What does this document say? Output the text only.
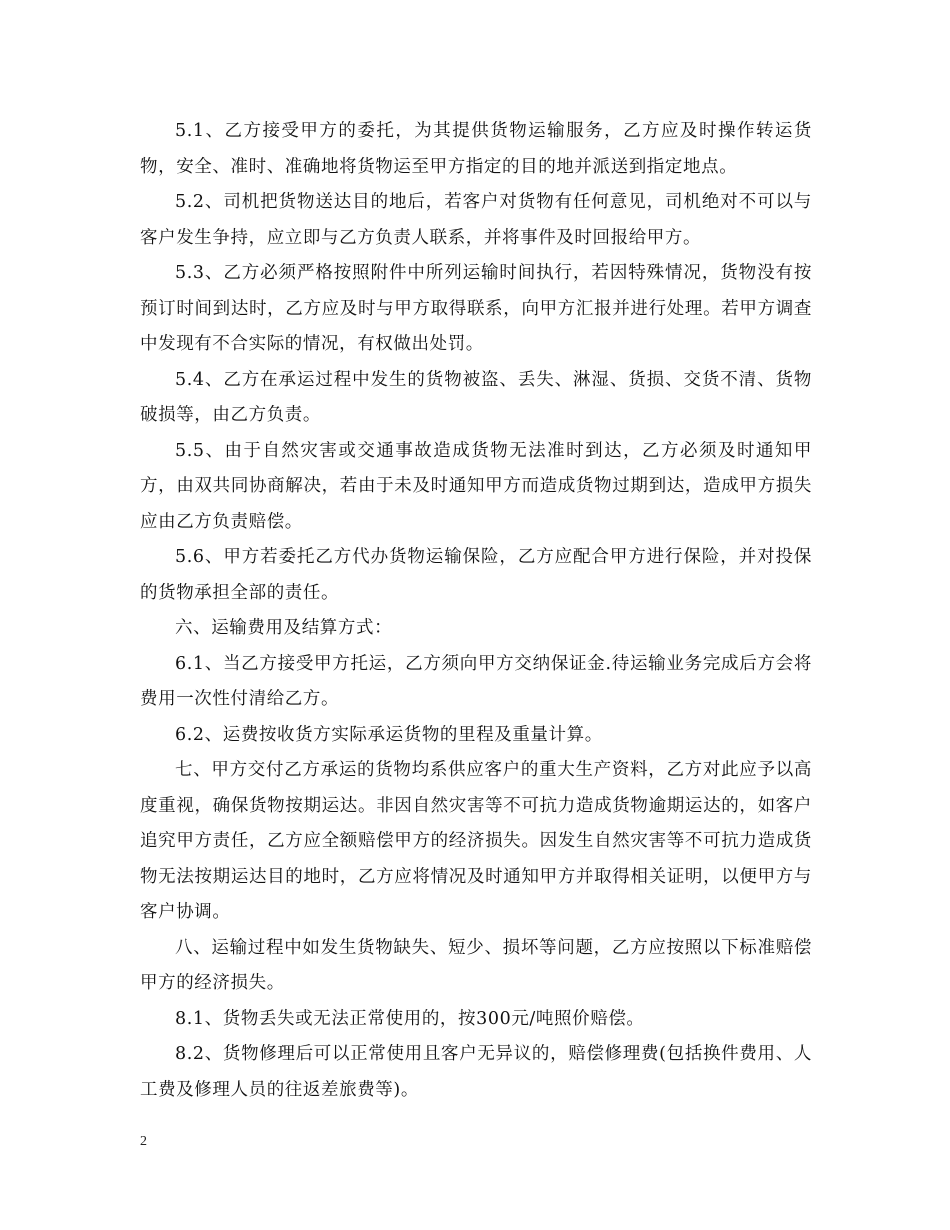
5.1、乙方接受甲方的委托，为其提供货物运输服务，乙方应及时操作转运货物，安全、准时、准确地将货物运至甲方指定的目的地并派送到指定地点。

5.2、司机把货物送达目的地后，若客户对货物有任何意见，司机绝对不可以与客户发生争持，应立即与乙方负责人联系，并将事件及时回报给甲方。

5.3、乙方必须严格按照附件中所列运输时间执行，若因特殊情况，货物没有按预订时间到达时，乙方应及时与甲方取得联系，向甲方汇报并进行处理。若甲方调查中发现有不合实际的情况，有权做出处罚。

5.4、乙方在承运过程中发生的货物被盗、丢失、淋湿、货损、交货不清、货物破损等，由乙方负责。

5.5、由于自然灾害或交通事故造成货物无法准时到达，乙方必须及时通知甲方，由双共同协商解决，若由于未及时通知甲方而造成货物过期到达，造成甲方损失应由乙方负责赔偿。

5.6、甲方若委托乙方代办货物运输保险，乙方应配合甲方进行保险，并对投保的货物承担全部的责任。

六、运输费用及结算方式：

6.1、当乙方接受甲方托运，乙方须向甲方交纳保证金.待运输业务完成后方会将费用一次性付清给乙方。

6.2、运费按收货方实际承运货物的里程及重量计算。

七、甲方交付乙方承运的货物均系供应客户的重大生产资料，乙方对此应予以高度重视，确保货物按期运达。非因自然灾害等不可抗力造成货物逾期运达的，如客户追究甲方责任，乙方应全额赔偿甲方的经济损失。因发生自然灾害等不可抗力造成货物无法按期运达目的地时，乙方应将情况及时通知甲方并取得相关证明，以便甲方与客户协调。

八、运输过程中如发生货物缺失、短少、损坏等问题，乙方应按照以下标准赔偿甲方的经济损失。

8.1、货物丢失或无法正常使用的，按300元/吨照价赔偿。

8.2、货物修理后可以正常使用且客户无异议的，赔偿修理费(包括换件费用、人工费及修理人员的往返差旅费等)。

2
